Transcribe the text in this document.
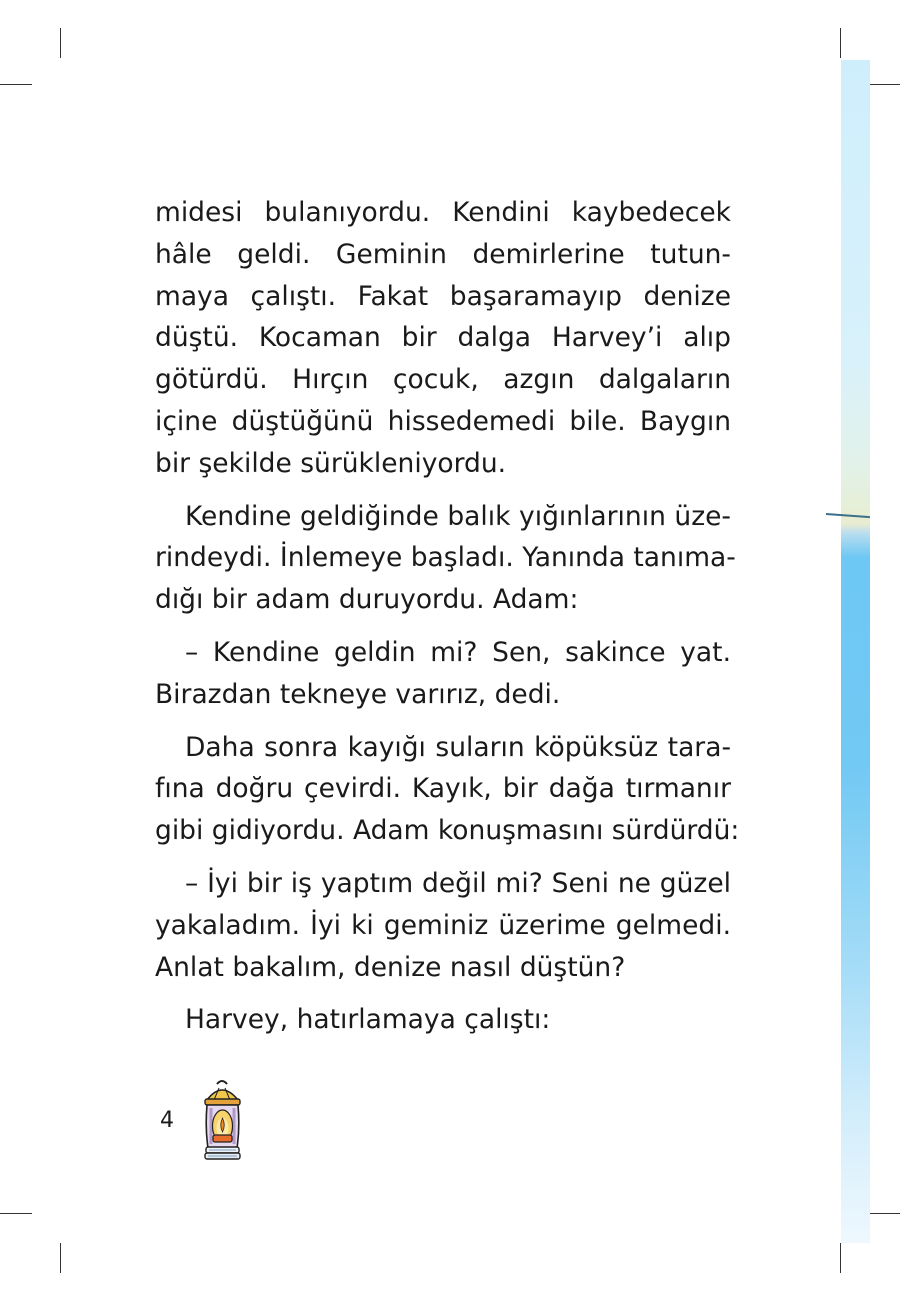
midesi bulanıyordu. Kendini kaybedecek
hâle geldi. Geminin demirlerine tutun-
maya çalıştı. Fakat başaramayıp denize
düştü. Kocaman bir dalga Harvey’i alıp
götürdü. Hırçın çocuk, azgın dalgaların
içine düştüğünü hissedemedi bile. Baygın
bir şekilde sürükleniyordu.
Kendine geldiğinde balık yığınlarının üze-
rindeydi. İnlemeye başladı. Yanında tanıma-
dığı bir adam duruyordu. Adam:
– Kendine geldin mi? Sen, sakince yat.
Birazdan tekneye varırız, dedi.
Daha sonra kayığı suların köpüksüz tara-
fına doğru çevirdi. Kayık, bir dağa tırmanır
gibi gidiyordu. Adam konuşmasını sürdürdü:
– İyi bir iş yaptım değil mi? Seni ne güzel
yakaladım. İyi ki geminiz üzerime gelmedi.
Anlat bakalım, denize nasıl düştün?
Harvey, hatırlamaya çalıştı:
4
